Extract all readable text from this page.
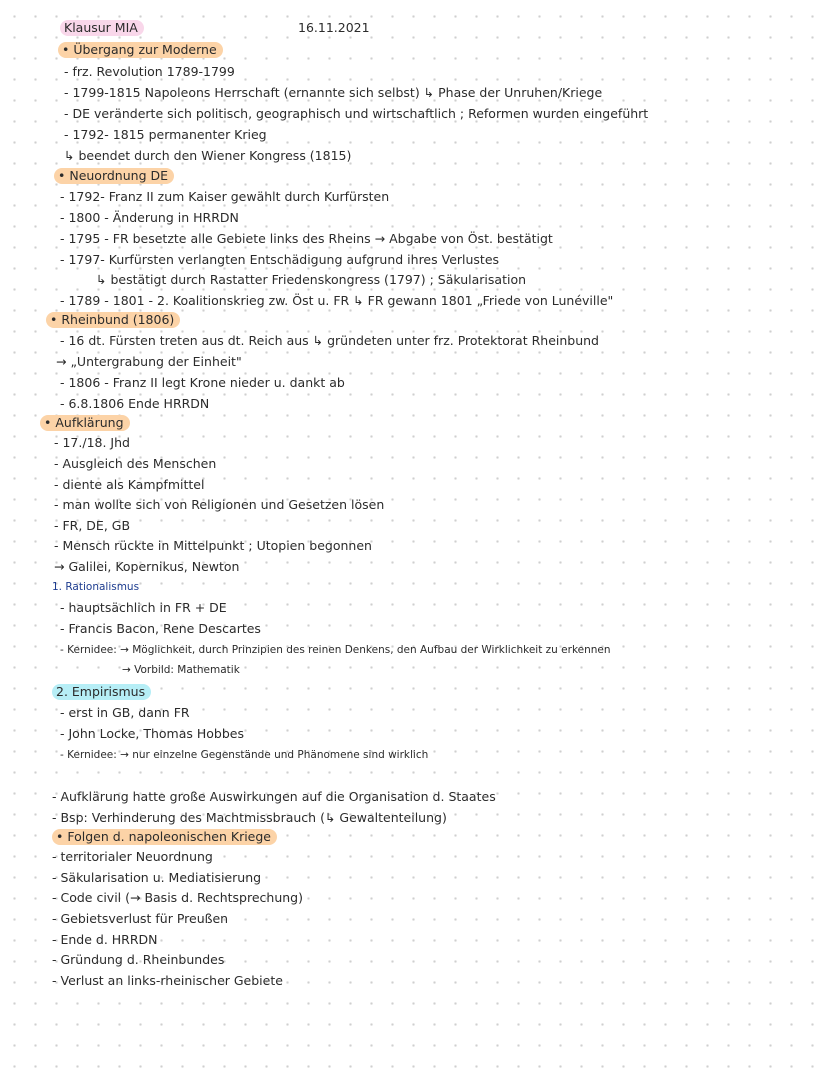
Klausur MIA	16.11.2021
• Übergang zur Moderne
- frz. Revolution 1789-1799
- 1799-1815 Napoleons Herrschaft (ernannte sich selbst) ↳ Phase der Unruhen/Kriege
- DE veränderte sich politisch, geographisch und wirtschaftlich ; Reformen wurden eingeführt
- 1792- 1815 permanenter Krieg
↳ beendet durch den Wiener Kongress (1815)
• Neuordnung DE
- 1792- Franz II zum Kaiser gewählt durch Kurfürsten
- 1800 - Änderung in HRRDN
- 1795 - FR besetzte alle Gebiete links des Rheins → Abgabe von Öst. bestätigt
- 1797- Kurfürsten verlangten Entschädigung aufgrund ihres Verlustes
↳ bestätigt durch Rastatter Friedenskongress (1797) ; Säkularisation
- 1789 - 1801 - 2. Koalitionskrieg zw. Öst u. FR ↳ FR gewann 1801 „Friede von Lunéville"
• Rheinbund (1806)
- 16 dt. Fürsten treten aus dt. Reich aus ↳ gründeten unter frz. Protektorat Rheinbund
→ „Untergrabung der Einheit"
- 1806 - Franz II legt Krone nieder u. dankt ab
- 6.8.1806 Ende HRRDN
• Aufklärung
- 17./18. Jhd
- Ausgleich des Menschen
- diente als Kampfmittel
- man wollte sich von Religionen und Gesetzen lösen
- FR, DE, GB
- Mensch rückte in Mittelpunkt ; Utopien begonnen
→ Galilei, Kopernikus, Newton
1. Rationalismus
- hauptsächlich in FR + DE
- Francis Bacon, Rene Descartes
- Kernidee: → Möglichkeit, durch Prinzipien des reinen Denkens, den Aufbau der Wirklichkeit zu erkennen
→ Vorbild: Mathematik
2. Empirismus
- erst in GB, dann FR
- John Locke, Thomas Hobbes
- Kernidee: → nur einzelne Gegenstände und Phänomene sind wirklich
- Aufklärung hatte große Auswirkungen auf die Organisation d. Staates
- Bsp: Verhinderung des Machtmissbrauch (↳ Gewaltenteilung)
• Folgen d. napoleonischen Kriege
- territorialer Neuordnung
- Säkularisation u. Mediatisierung
- Code civil (→ Basis d. Rechtsprechung)
- Gebietsverlust für Preußen
- Ende d. HRRDN
- Gründung d. Rheinbundes
- Verlust an links-rheinischer Gebiete
